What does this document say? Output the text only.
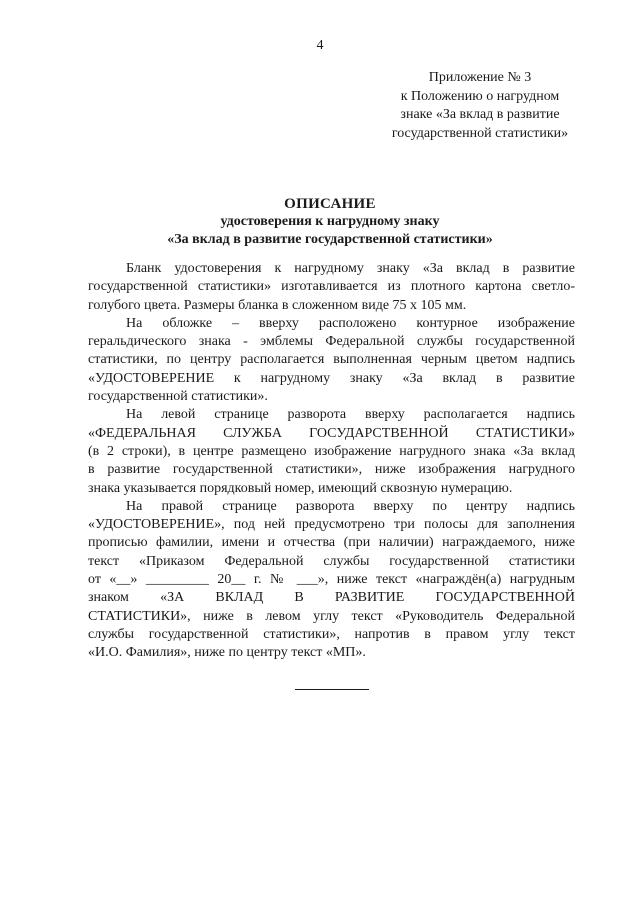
4
Приложение № 3
к Положению о нагрудном
знаке «За вклад в развитие
государственной статистики»
ОПИСАНИЕ
удостоверения к нагрудному знаку
«За вклад в развитие государственной статистики»
Бланк удостоверения к нагрудному знаку «За вклад в развитие
государственной статистики» изготавливается из плотного картона светло-
голубого цвета. Размеры бланка в сложенном виде 75 х 105 мм.
На обложке – вверху расположено контурное изображение
геральдического знака - эмблемы Федеральной службы государственной
статистики, по центру располагается выполненная черным цветом надпись
«УДОСТОВЕРЕНИЕ к нагрудному знаку «За вклад в развитие
государственной статистики».
На левой странице разворота вверху располагается надпись
«ФЕДЕРАЛЬНАЯ СЛУЖБА ГОСУДАРСТВЕННОЙ СТАТИСТИКИ»
(в 2 строки), в центре размещено изображение нагрудного знака «За вклад
в развитие государственной статистики», ниже изображения нагрудного
знака указывается порядковый номер, имеющий сквозную нумерацию.
На правой странице разворота вверху по центру надпись
«УДОСТОВЕРЕНИЕ», под ней предусмотрено три полосы для заполнения
прописью фамилии, имени и отчества (при наличии) награждаемого, ниже
текст «Приказом Федеральной службы государственной статистики
от «__» _________ 20__ г. № ___», ниже текст «награждён(а) нагрудным
знаком «ЗА ВКЛАД В РАЗВИТИЕ ГОСУДАРСТВЕННОЙ
СТАТИСТИКИ», ниже в левом углу текст «Руководитель Федеральной
службы государственной статистики», напротив в правом углу текст
«И.О. Фамилия», ниже по центру текст «МП».
